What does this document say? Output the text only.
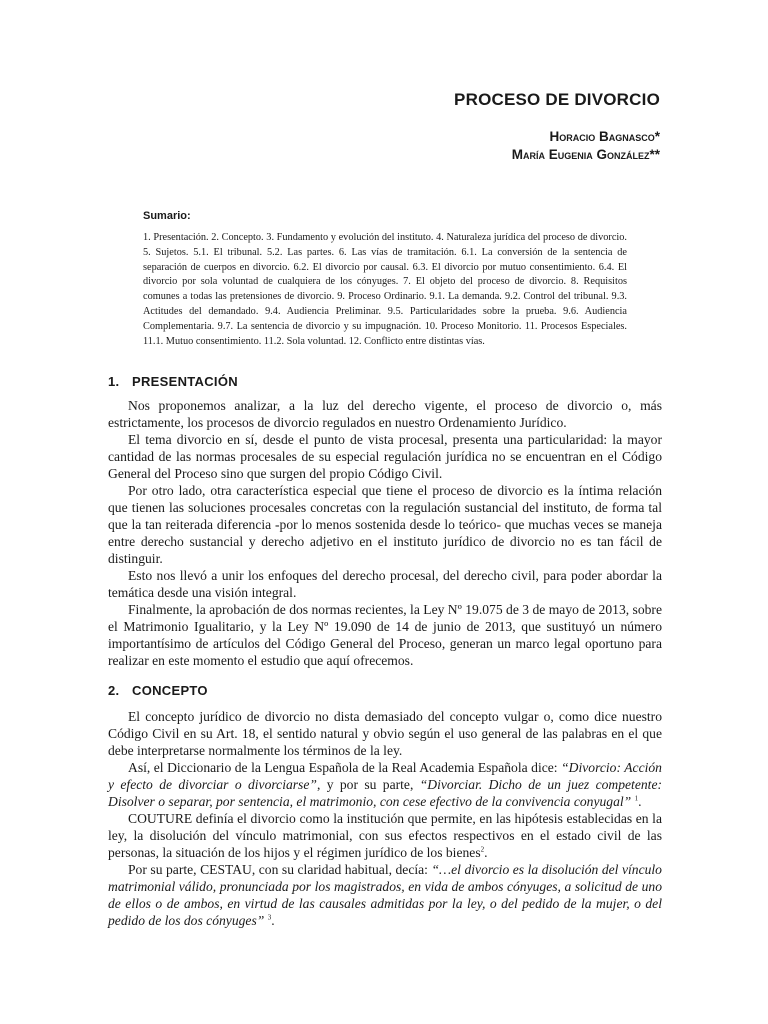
PROCESO DE DIVORCIO
Horacio Bagnasco*
María Eugenia González**
Sumario:
1. Presentación. 2. Concepto. 3. Fundamento y evolución del instituto. 4. Naturaleza jurídica del proceso de divorcio. 5. Sujetos. 5.1. El tribunal. 5.2. Las partes. 6. Las vías de tramitación. 6.1. La conversión de la sentencia de separación de cuerpos en divorcio. 6.2. El divorcio por causal. 6.3. El divorcio por mutuo consentimiento. 6.4. El divorcio por sola voluntad de cualquiera de los cónyuges. 7. El objeto del proceso de divorcio. 8. Requisitos comunes a todas las pretensiones de divorcio. 9. Proceso Ordinario. 9.1. La demanda. 9.2. Control del tribunal. 9.3. Actitudes del demandado. 9.4. Audiencia Preliminar. 9.5. Particularidades sobre la prueba. 9.6. Audiencia Complementaria. 9.7. La sentencia de divorcio y su impugnación. 10. Proceso Monitorio. 11. Procesos Especiales. 11.1. Mutuo consentimiento. 11.2. Sola voluntad. 12. Conflicto entre distintas vías.
1. PRESENTACIÓN

Nos proponemos analizar, a la luz del derecho vigente, el proceso de divorcio o, más estrictamente, los procesos de divorcio regulados en nuestro Ordenamiento Jurídico.

El tema divorcio en sí, desde el punto de vista procesal, presenta una particularidad: la mayor cantidad de las normas procesales de su especial regulación jurídica no se encuentran en el Código General del Proceso sino que surgen del propio Código Civil.

Por otro lado, otra característica especial que tiene el proceso de divorcio es la íntima relación que tienen las soluciones procesales concretas con la regulación sustancial del instituto, de forma tal que la tan reiterada diferencia -por lo menos sostenida desde lo teórico- que muchas veces se maneja entre derecho sustancial y derecho adjetivo en el instituto jurídico de divorcio no es tan fácil de distinguir.

Esto nos llevó a unir los enfoques del derecho procesal, del derecho civil, para poder abordar la temática desde una visión integral.

Finalmente, la aprobación de dos normas recientes, la Ley Nº 19.075 de 3 de mayo de 2013, sobre el Matrimonio Igualitario, y la Ley Nº 19.090 de 14 de junio de 2013, que sustituyó un número importantísimo de artículos del Código General del Proceso, generan un marco legal oportuno para realizar en este momento el estudio que aquí ofrecemos.

2. CONCEPTO

El concepto jurídico de divorcio no dista demasiado del concepto vulgar o, como dice nuestro Código Civil en su Art. 18, el sentido natural y obvio según el uso general de las palabras en el que debe interpretarse normalmente los términos de la ley.

Así, el Diccionario de la Lengua Española de la Real Academia Española dice: “Divorcio: Acción y efecto de divorciar o divorciarse”, y por su parte, “Divorciar. Dicho de un juez competente: Disolver o separar, por sentencia, el matrimonio, con cese efectivo de la convivencia conyugal” $^1$.

COUTURE definía el divorcio como la institución que permite, en las hipótesis establecidas en la ley, la disolución del vínculo matrimonial, con sus efectos respectivos en el estado civil de las personas, la situación de los hijos y el régimen jurídico de los bienes$^2$.

Por su parte, CESTAU, con su claridad habitual, decía: “…el divorcio es la disolución del vínculo matrimonial válido, pronunciada por los magistrados, en vida de ambos cónyuges, a solicitud de uno de ellos o de ambos, en virtud de las causales admitidas por la ley, o del pedido de la mujer, o del pedido de los dos cónyuges” $^3$.
